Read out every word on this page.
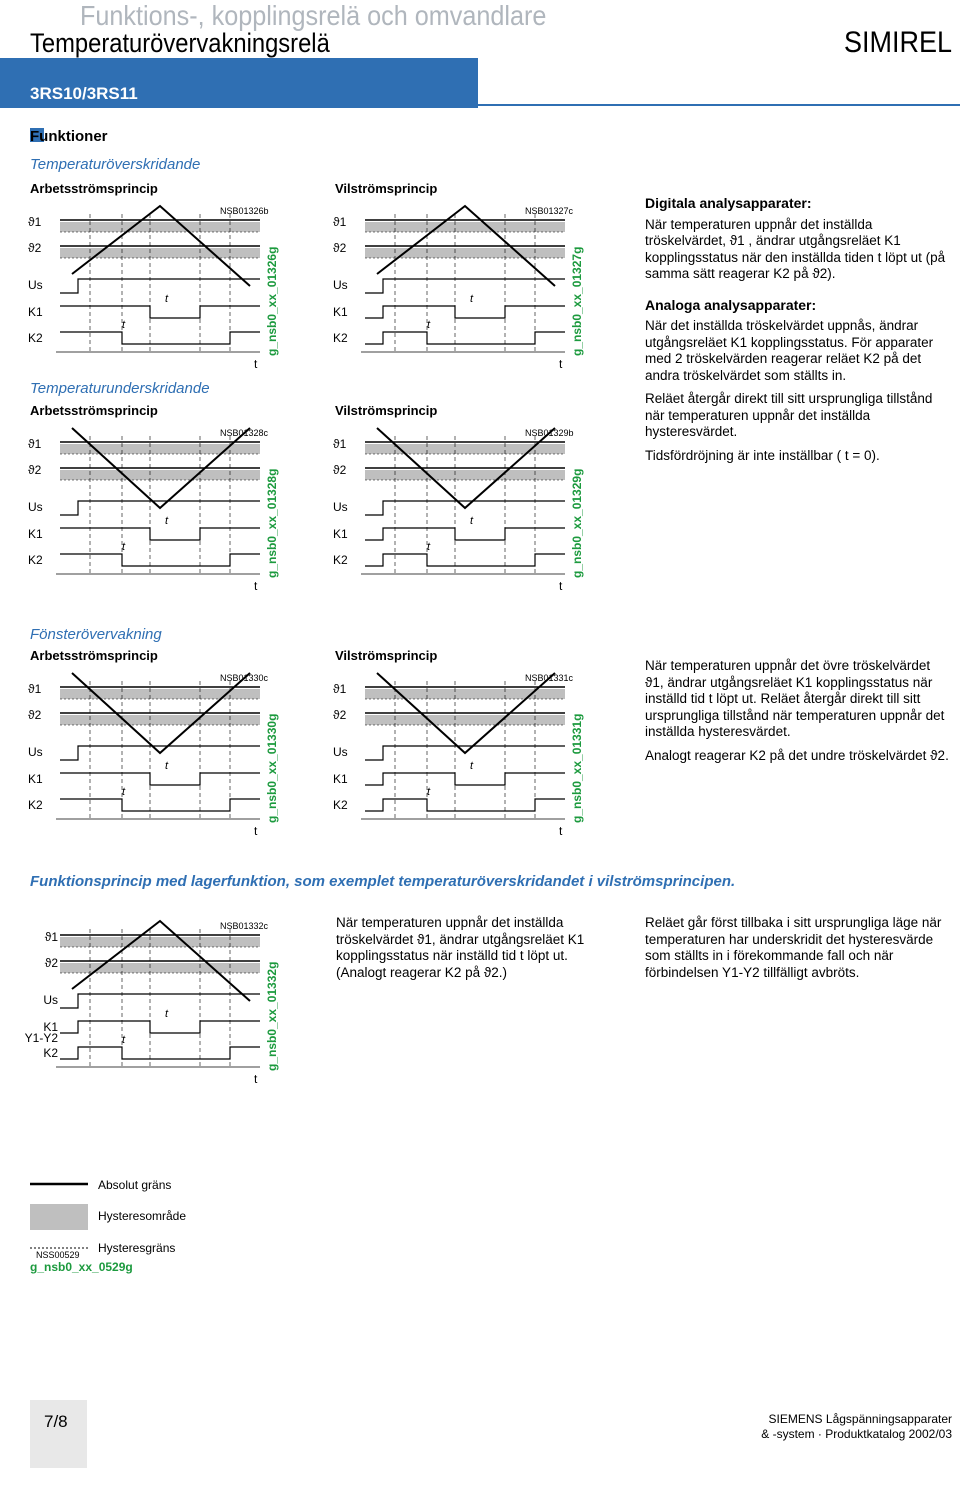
Funktions-, kopplingsrelä och omvandlare
Temperaturövervakningsrelä	SIMIREL
3RS10/3RS11
Funktioner
Temperaturöverskridande
Arbetsströmsprincip	Vilströmsprincip
Temperaturunderskridande
Arbetsströmsprincip	Vilströmsprincip
Fönsterövervakning
Arbetsströmsprincip	Vilströmsprincip
Funktionsprincip med lagerfunktion, som exemplet temperaturöverskridandet i vilströmsprincipen.
ϑ1
ϑ2
Us
K1
K2
t
t
t
NSB01326b
g_nsb0_xx_01326g
ϑ1
ϑ2
Us
K1
K2
t
t
t
NSB01327c
g_nsb0_xx_01327g
ϑ1
ϑ2
Us
K1
K2
t
t
t
NSB01328c
g_nsb0_xx_01328g
ϑ1
ϑ2
Us
K1
K2
t
t
t
NSB01329b
g_nsb0_xx_01329g
ϑ1
ϑ2
Us
K1
K2
t
t
t
NSB01330c
g_nsb0_xx_01330g
ϑ1
ϑ2
Us
K1
K2
t
t
t
NSB01331c
g_nsb0_xx_01331g
ϑ1
ϑ2
Us
Y1-Y2
K1
K2
t
t
t
NSB01332c
g_nsb0_xx_01332g
Digitala analysapparater:

När temperaturen uppnår det inställda tröskelvärdet, ϑ1 , ändrar utgångsreläet K1 kopplingsstatus när den inställda tiden t löpt ut (på samma sätt reagerar K2 på ϑ2).

Analoga analysapparater:

När det inställda tröskelvärdet uppnås, ändrar utgångsreläet K1 kopplingsstatus. För apparater med 2 tröskelvärden reagerar reläet K2 på det andra tröskelvärdet som ställts in.

Reläet återgår direkt till sitt ursprungliga tillstånd när temperaturen uppnår det inställda hysteresvärdet.

Tidsfördröjning är inte inställbar ( t = 0).

När temperaturen uppnår det övre tröskelvärdet ϑ1, ändrar utgångsreläet K1 kopplingsstatus när inställd tid t löpt ut. Reläet återgår direkt till sitt ursprungliga tillstånd när temperaturen uppnår det inställda hysteresvärdet.

Analogt reagerar K2 på det undre tröskelvärdet ϑ2.

När temperaturen uppnår det inställda tröskelvärdet ϑ1, ändrar utgångsreläet K1 kopplingsstatus när inställd tid t löpt ut. (Analogt reagerar K2 på ϑ2.)
Reläet går först tillbaka i sitt ursprungliga läge när temperaturen har underskridit det hysteresvärde som ställts in i förekommande fall och när förbindelsen Y1-Y2 tillfälligt avbröts.
Absolut gräns
Hysteresområde
Hysteresgräns
NSS00529
g_nsb0_xx_0529g
7/8	SIEMENS Lågspänningsapparater
& -system · Produktkatalog 2002/03
